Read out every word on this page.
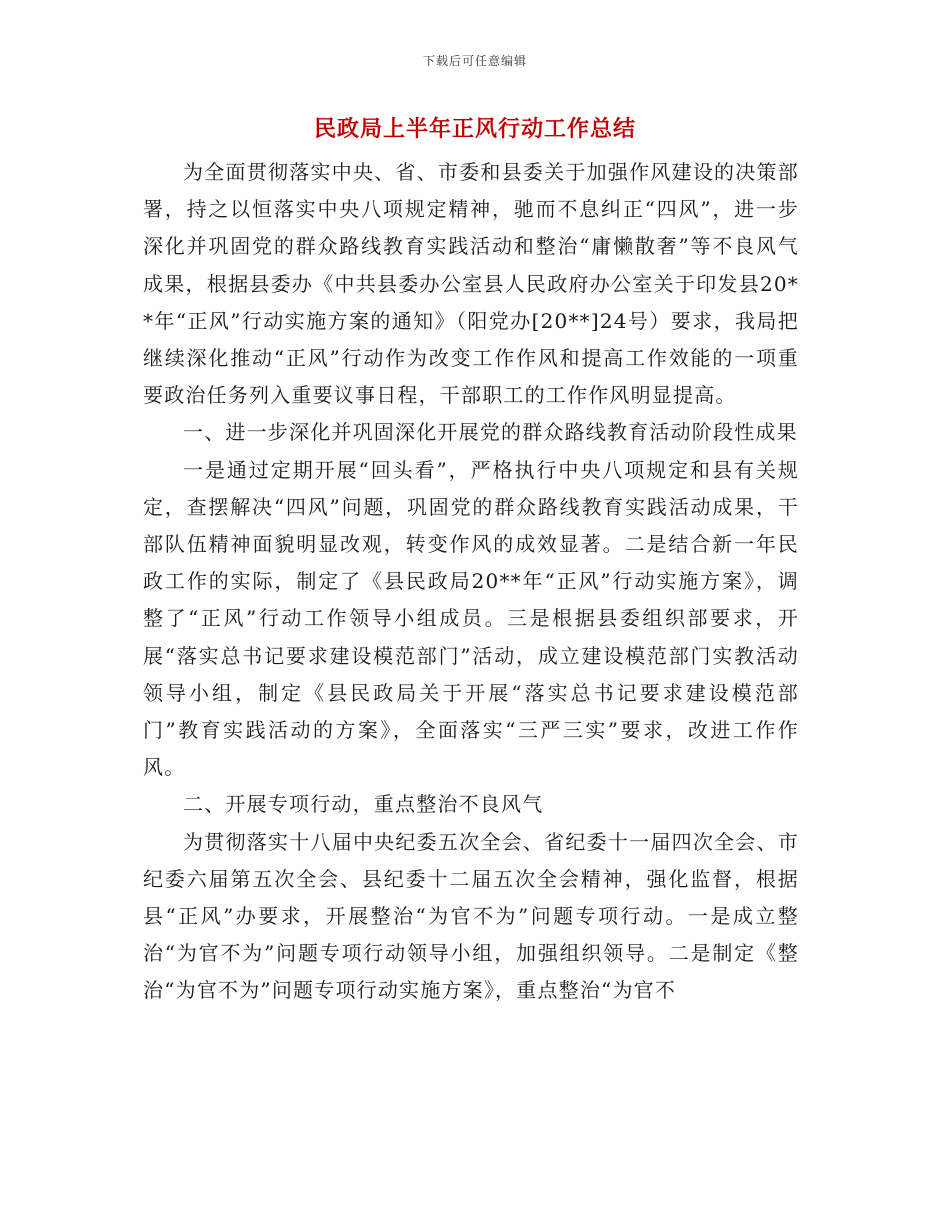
下载后可任意编辑
民政局上半年正风行动工作总结

为全面贯彻落实中央、省、市委和县委关于加强作风建设的决策部署，持之以恒落实中央八项规定精神，驰而不息纠正“四风”，进一步深化并巩固党的群众路线教育实践活动和整治“庸懒散奢”等不良风气成果，根据县委办《中共县委办公室县人民政府办公室关于印发县20**年“正风”行动实施方案的通知》（阳党办[20**]24号）要求，我局把继续深化推动“正风”行动作为改变工作作风和提高工作效能的一项重要政治任务列入重要议事日程，干部职工的工作作风明显提高。

一、进一步深化并巩固深化开展党的群众路线教育活动阶段性成果

一是通过定期开展“回头看”，严格执行中央八项规定和县有关规定，查摆解决“四风”问题，巩固党的群众路线教育实践活动成果，干部队伍精神面貌明显改观，转变作风的成效显著。二是结合新一年民政工作的实际，制定了《县民政局20**年“正风”行动实施方案》，调整了“正风”行动工作领导小组成员。三是根据县委组织部要求，开展“落实总书记要求建设模范部门”活动，成立建设模范部门实教活动领导小组，制定《县民政局关于开展“落实总书记要求建设模范部门”教育实践活动的方案》，全面落实“三严三实”要求，改进工作作风。

二、开展专项行动，重点整治不良风气

为贯彻落实十八届中央纪委五次全会、省纪委十一届四次全会、市纪委六届第五次全会、县纪委十二届五次全会精神，强化监督，根据县“正风”办要求，开展整治“为官不为”问题专项行动。一是成立整治“为官不为”问题专项行动领导小组，加强组织领导。二是制定《整治“为官不为”问题专项行动实施方案》，重点整治“为官不
